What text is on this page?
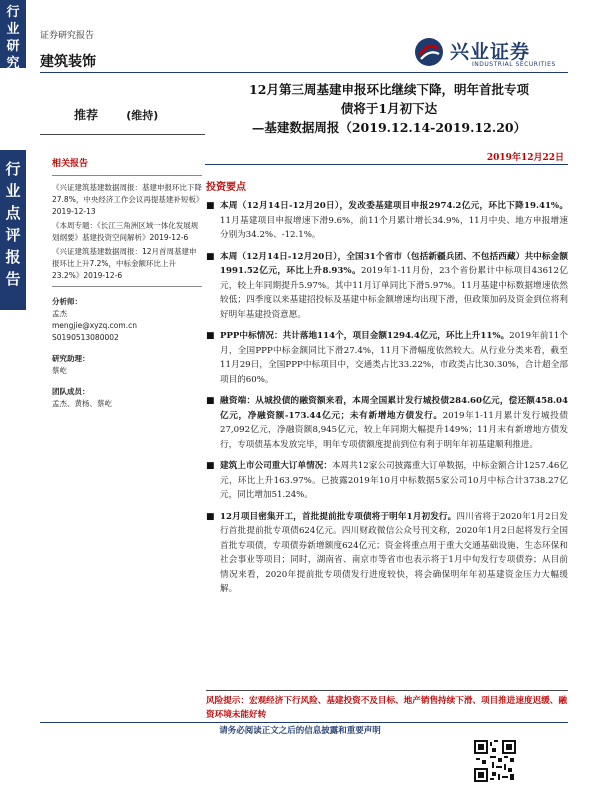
行
业
研
究
行
业
点
评
报
告
证券研究报告
建筑装饰	兴业证券
INDUSTRIAL SECURITIES
推荐	(维持)
12月第三周基建申报环比继续下降，明年首批专项
债将于1月初下达
—基建数据周报（2019.12.14-2019.12.20）
2019年12月22日
相关报告
《兴证建筑基建数据周报：基建申报环比下降27.8%，中央经济工作会议再提基建补短板》2019-12-13
《本周专题：《长江三角洲区域一体化发展规划纲要》基建投资空间解析》2019-12-6
《兴证建筑基建数据周报：12月首周基建申报环比上升7.2%，中标金额环比上升23.2%》2019-12-6
分析师：
孟杰
mengjie@xyzq.com.cn
S0190513080002
研究助理：
蔡屹
团队成员：
孟杰、黄杨、蔡屹
投资要点
■ 本周（12月14日-12月20日），发改委基建项目申报2974.2亿元，环比下降19.41%。11月基建项目申报增速下滑9.6%，前11个月累计增长34.9%，11月中央、地方申报增速分别为34.2%、-12.1%。
■ 本周（12月14日-12月20日），全国31个省市（包括新疆兵团、不包括西藏）共中标金额1991.52亿元，环比上升8.93%。2019年1-11月份，23个省份累计中标项目43612亿元，较上年同期提升5.97%。其中11月订单同比下滑5.97%。11月基建中标数据增速依然较低；四季度以来基建招投标及基建中标金额增速均出现下滑，但政策加码及资金到位将利好明年基建投资意愿。
■ PPP中标情况：共计落地114个，项目金额1294.4亿元，环比上升11%。2019年前11个月，全国PPP中标金额同比下滑27.4%，11月下滑幅度依然较大。从行业分类来看，截至11月29日，全国PPP中标项目中，交通类占比33.22%，市政类占比30.30%，合计超全部项目的60%。
■ 融资端：从城投债的融资额来看，本周全国累计发行城投债284.60亿元，偿还额458.04亿元，净融资额-173.44亿元；未有新增地方债发行。2019年1-11月累计发行城投债27,092亿元，净融资额8,945亿元，较上年同期大幅提升149%；11月末有新增地方债发行，专项债基本发放完毕，明年专项债额度提前到位有利于明年年初基建顺利推进。
■ 建筑上市公司重大订单情况：本周共12家公司披露重大订单数据，中标金额合计1257.46亿元，环比上升163.97%。已披露2019年10月中标数据5家公司10月中标合计3738.27亿元，同比增加51.24%。
■ 12月项目密集开工，首批提前批专项债将于明年1月初发行。四川省将于2020年1月2日发行首批提前批专项债624亿元。四川财政微信公众号刊文称，2020年1月2日起将发行全国首批专项债，专项债券新增额度624亿元；资金将重点用于重大交通基础设施、生态环保和社会事业等项目；同时，湖南省、南京市等省市也表示将于1月中旬发行专项债券；从目前情况来看，2020年提前批专项债发行进度较快，将会确保明年年初基建资金压力大幅缓解。
风险提示：宏观经济下行风险、基建投资不及目标、地产销售持续下滑、项目推进速度迟缓、融资环境未能好转
请务必阅读正文之后的信息披露和重要声明
